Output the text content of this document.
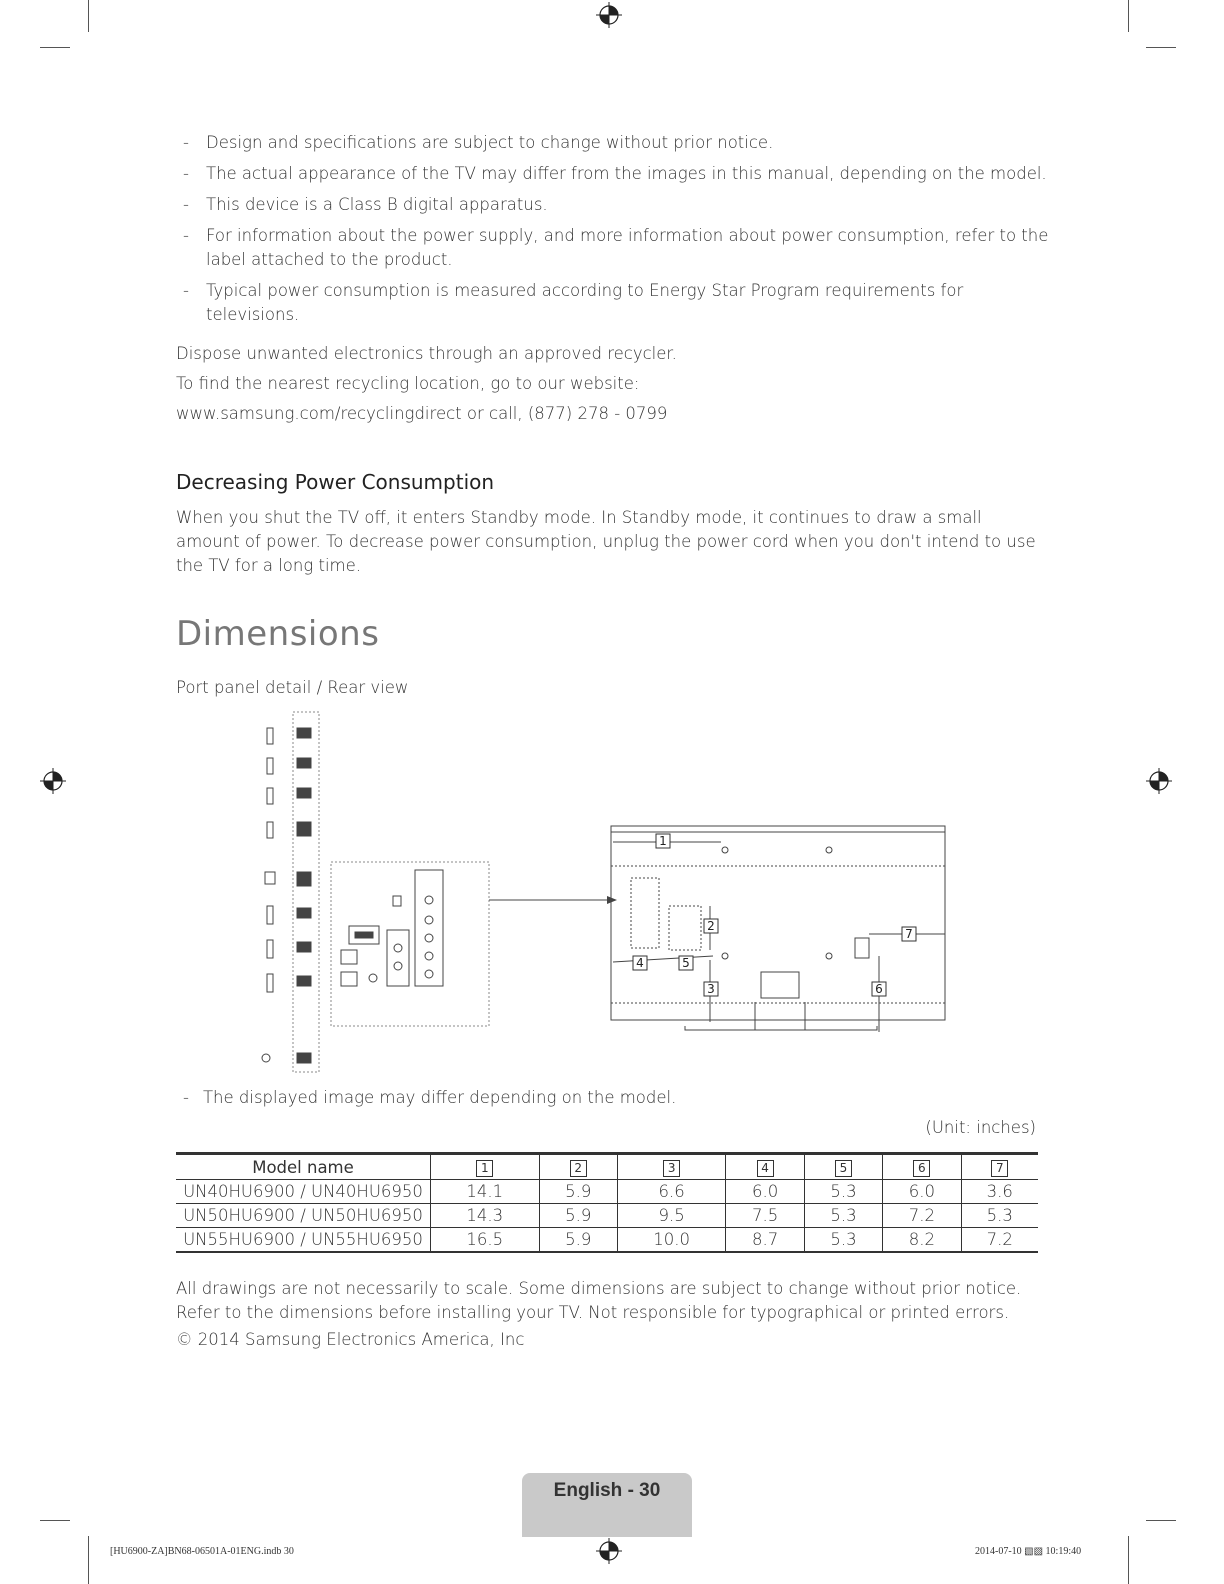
- Design and specifications are subject to change without prior notice.
- The actual appearance of the TV may differ from the images in this manual, depending on the model.
- This device is a Class B digital apparatus.
- For information about the power supply, and more information about power consumption, refer to the label attached to the product.
- Typical power consumption is measured according to Energy Star Program requirements for televisions.
Dispose unwanted electronics through an approved recycler.
To find the nearest recycling location, go to our website:
www.samsung.com/recyclingdirect or call, (877) 278 - 0799
Decreasing Power Consumption
When you shut the TV off, it enters Standby mode. In Standby mode, it continues to draw a small amount of power. To decrease power consumption, unplug the power cord when you don't intend to use the TV for a long time.
Dimensions
Port panel detail / Rear view
1
2
3
4	5
6
7
- The displayed image may differ depending on the model.
(Unit: inches)
Model name	1	2	3	4	5	6	7
UN40HU6900 / UN40HU6950	14.1	5.9	6.6	6.0	5.3	6.0	3.6
UN50HU6900 / UN50HU6950	14.3	5.9	9.5	7.5	5.3	7.2	5.3
UN55HU6900 / UN55HU6950	16.5	5.9	10.0	8.7	5.3	8.2	7.2
All drawings are not necessarily to scale. Some dimensions are subject to change without prior notice. Refer to the dimensions before installing your TV. Not responsible for typographical or printed errors.
© 2014 Samsung Electronics America, Inc
English - 30
[HU6900-ZA]BN68-06501A-01ENG.indb 30	2014-07-10 ▧▧ 10:19:40
